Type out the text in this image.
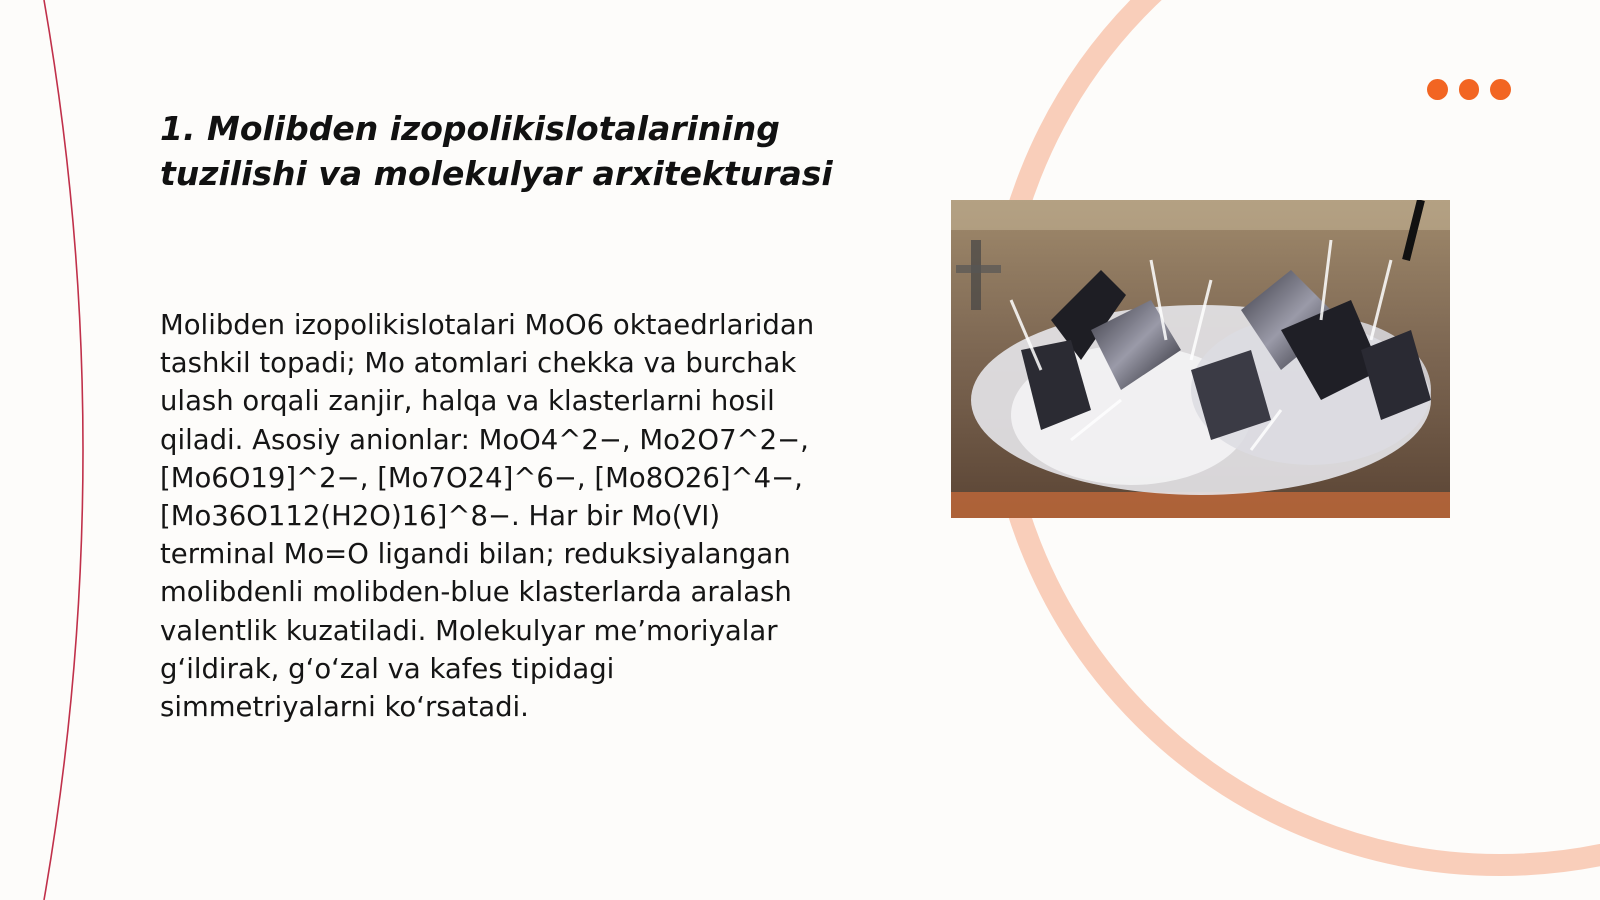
1. Molibden izopolikislotalarining tuzilishi va molekulyar arxitekturasi

Molibden izopolikislotalari MoO6 oktaedrlaridan tashkil topadi; Mo atomlari chekka va burchak ulash orqali zanjir, halqa va klasterlarni hosil qiladi. Asosiy anionlar: MoO4^2−, Mo2O7^2−, [Mo6O19]^2−, [Mo7O24]^6−, [Mo8O26]^4−, [Mo36O112(H2O)16]^8−. Har bir Mo(VI) terminal Mo=O ligandi bilan; reduksiyalangan molibdenli molibden-blue klasterlarda aralash valentlik kuzatiladi. Molekulyar me’moriyalar g‘ildirak, g‘o‘zal va kafes tipidagi simmetriyalarni ko‘rsatadi.
